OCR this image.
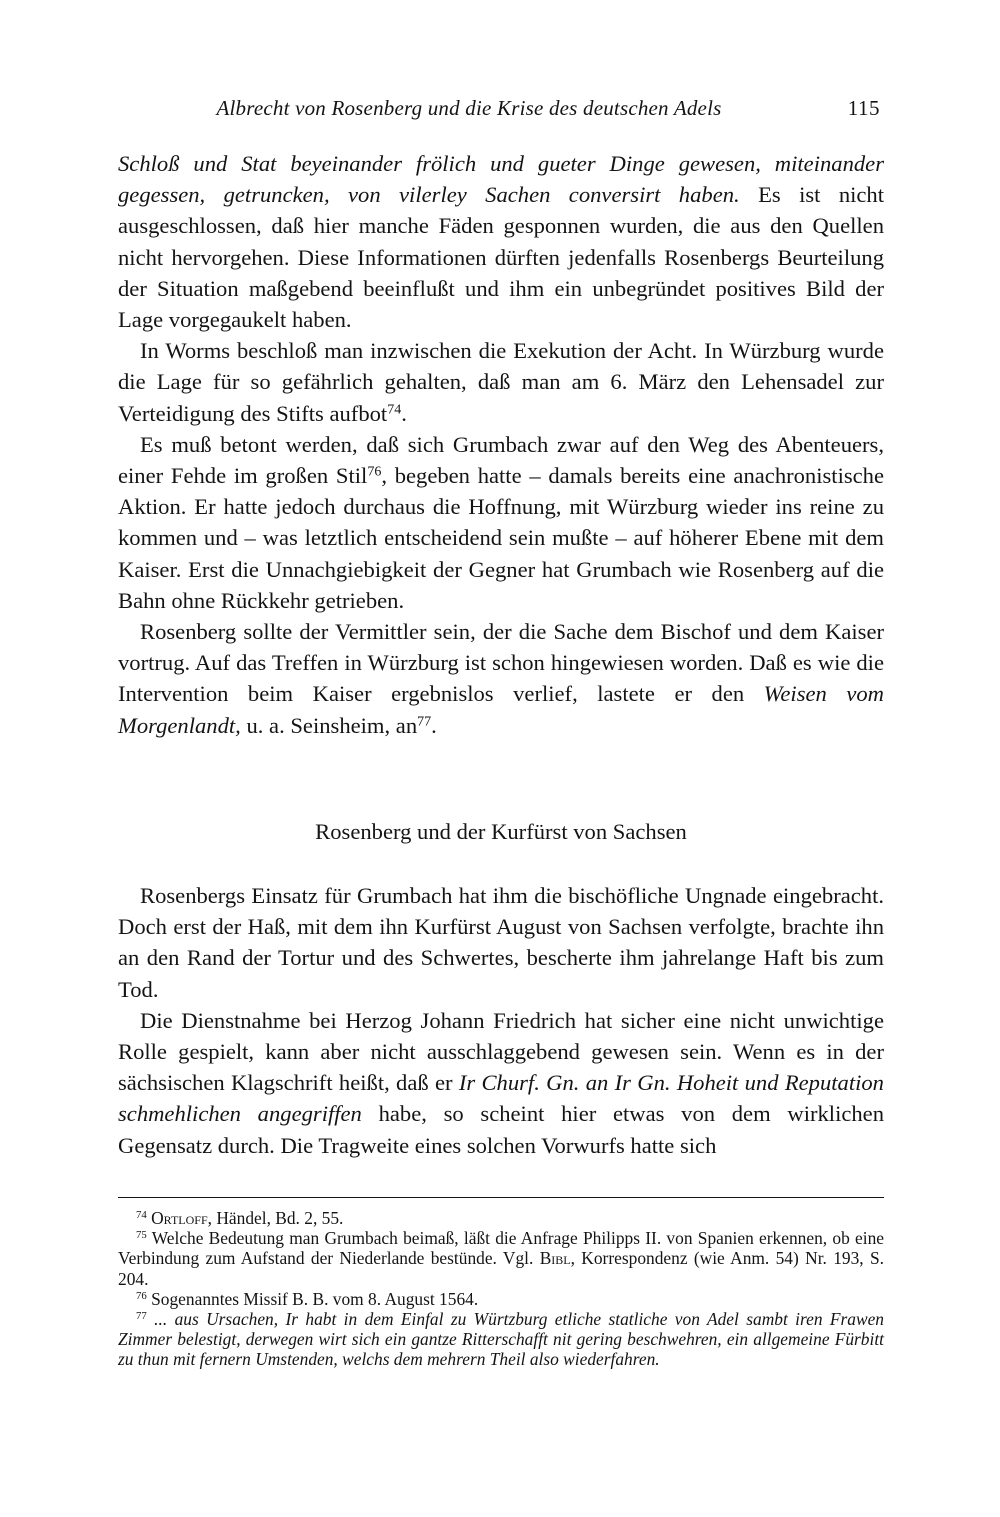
Albrecht von Rosenberg und die Krise des deutschen Adels	115

Schloß und Stat beyeinander frölich und gueter Dinge gewesen, miteinander gegessen, getruncken, von vilerley Sachen conversirt haben. Es ist nicht ausgeschlossen, daß hier manche Fäden gesponnen wurden, die aus den Quellen nicht hervorgehen. Diese Informationen dürften jedenfalls Rosenbergs Beurteilung der Situation maßgebend beeinflußt und ihm ein unbegründet positives Bild der Lage vorgegaukelt haben.

In Worms beschloß man inzwischen die Exekution der Acht. In Würzburg wurde die Lage für so gefährlich gehalten, daß man am 6. März den Lehensadel zur Verteidigung des Stifts aufbot$^{74}$.

Es muß betont werden, daß sich Grumbach zwar auf den Weg des Abenteuers, einer Fehde im großen Stil$^{76}$, begeben hatte – damals bereits eine anachronistische Aktion. Er hatte jedoch durchaus die Hoffnung, mit Würzburg wieder ins reine zu kommen und – was letztlich entscheidend sein mußte – auf höherer Ebene mit dem Kaiser. Erst die Unnachgiebigkeit der Gegner hat Grumbach wie Rosenberg auf die Bahn ohne Rückkehr getrieben.

Rosenberg sollte der Vermittler sein, der die Sache dem Bischof und dem Kaiser vortrug. Auf das Treffen in Würzburg ist schon hingewiesen worden. Daß es wie die Intervention beim Kaiser ergebnislos verlief, lastete er den Weisen vom Morgenlandt, u. a. Seinsheim, $an^{77}$.

Rosenberg und der Kurfürst von Sachsen

Rosenbergs Einsatz für Grumbach hat ihm die bischöfliche Ungnade eingebracht. Doch erst der Haß, mit dem ihn Kurfürst August von Sachsen verfolgte, brachte ihn an den Rand der Tortur und des Schwertes, bescherte ihm jahrelange Haft bis zum Tod.

Die Dienstnahme bei Herzog Johann Friedrich hat sicher eine nicht unwichtige Rolle gespielt, kann aber nicht ausschlaggebend gewesen sein. Wenn es in der sächsischen Klagschrift heißt, daß er Ir Churf. Gn. an Ir Gn. Hoheit und Reputation schmehlichen angegriffen habe, so scheint hier etwas von dem wirklichen Gegensatz durch. Die Tragweite eines solchen Vorwurfs hatte sich

$^{74}$ Ortloff, Händel, Bd. 2, 55.

$^{75}$ Welche Bedeutung man Grumbach beimaß, läßt die Anfrage Philipps II. von Spanien erkennen, ob eine Verbindung zum Aufstand der Niederlande bestünde. Vgl. Bibl, Korrespondenz (wie Anm. 54) Nr. 193, S. 204.

$^{76}$ Sogenanntes Missif B. B. vom 8. August 1564.

$^{77}$ ... aus Ursachen, Ir habt in dem Einfal zu Würtzburg etliche statliche von Adel sambt iren Frawen Zimmer belestigt, derwegen wirt sich ein gantze Ritterschafft nit gering beschwehren, ein allgemeine Fürbitt zu thun mit fernern Umstenden, welchs dem mehrern Theil also wiederfahren.
